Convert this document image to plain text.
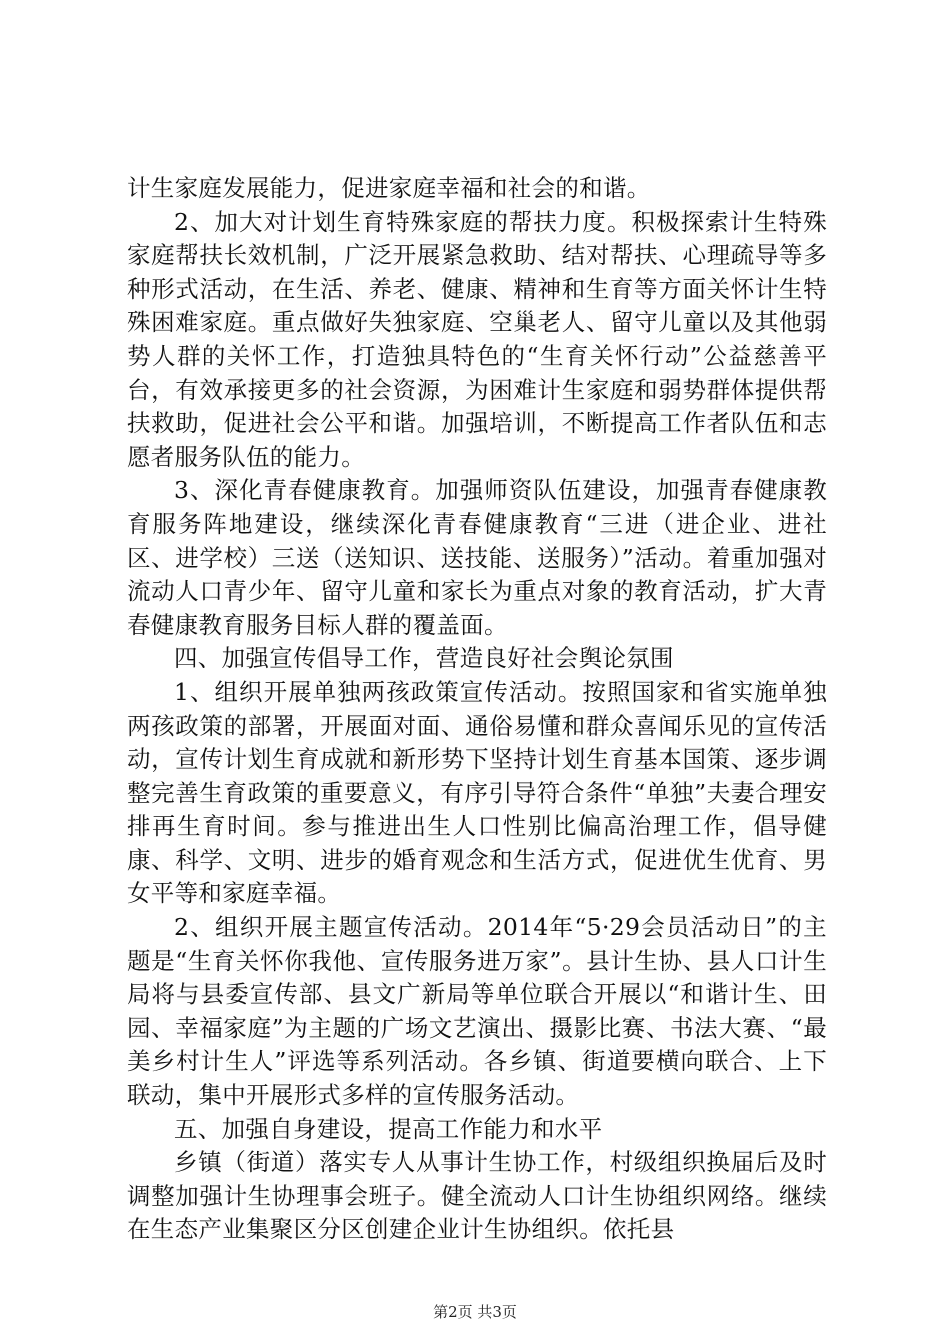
计生家庭发展能力，促进家庭幸福和社会的和谐。

2、加大对计划生育特殊家庭的帮扶力度。积极探索计生特殊家庭帮扶长效机制，广泛开展紧急救助、结对帮扶、心理疏导等多种形式活动，在生活、养老、健康、精神和生育等方面关怀计生特殊困难家庭。重点做好失独家庭、空巢老人、留守儿童以及其他弱势人群的关怀工作，打造独具特色的“生育关怀行动”公益慈善平台，有效承接更多的社会资源，为困难计生家庭和弱势群体提供帮扶救助，促进社会公平和谐。加强培训，不断提高工作者队伍和志愿者服务队伍的能力。

3、深化青春健康教育。加强师资队伍建设，加强青春健康教育服务阵地建设，继续深化青春健康教育“三进（进企业、进社区、进学校）三送（送知识、送技能、送服务）”活动。着重加强对流动人口青少年、留守儿童和家长为重点对象的教育活动，扩大青春健康教育服务目标人群的覆盖面。

四、加强宣传倡导工作，营造良好社会舆论氛围

1、组织开展单独两孩政策宣传活动。按照国家和省实施单独两孩政策的部署，开展面对面、通俗易懂和群众喜闻乐见的宣传活动，宣传计划生育成就和新形势下坚持计划生育基本国策、逐步调整完善生育政策的重要意义，有序引导符合条件“单独”夫妻合理安排再生育时间。参与推进出生人口性别比偏高治理工作，倡导健康、科学、文明、进步的婚育观念和生活方式，促进优生优育、男女平等和家庭幸福。

2、组织开展主题宣传活动。2014年“5·29会员活动日”的主题是“生育关怀你我他、宣传服务进万家”。县计生协、县人口计生局将与县委宣传部、县文广新局等单位联合开展以“和谐计生、田园、幸福家庭”为主题的广场文艺演出、摄影比赛、书法大赛、“最美乡村计生人”评选等系列活动。各乡镇、街道要横向联合、上下联动，集中开展形式多样的宣传服务活动。

五、加强自身建设，提高工作能力和水平

乡镇（街道）落实专人从事计生协工作，村级组织换届后及时调整加强计生协理事会班子。健全流动人口计生协组织网络。继续在生态产业集聚区分区创建企业计生协组织。依托县

第2页 共3页
